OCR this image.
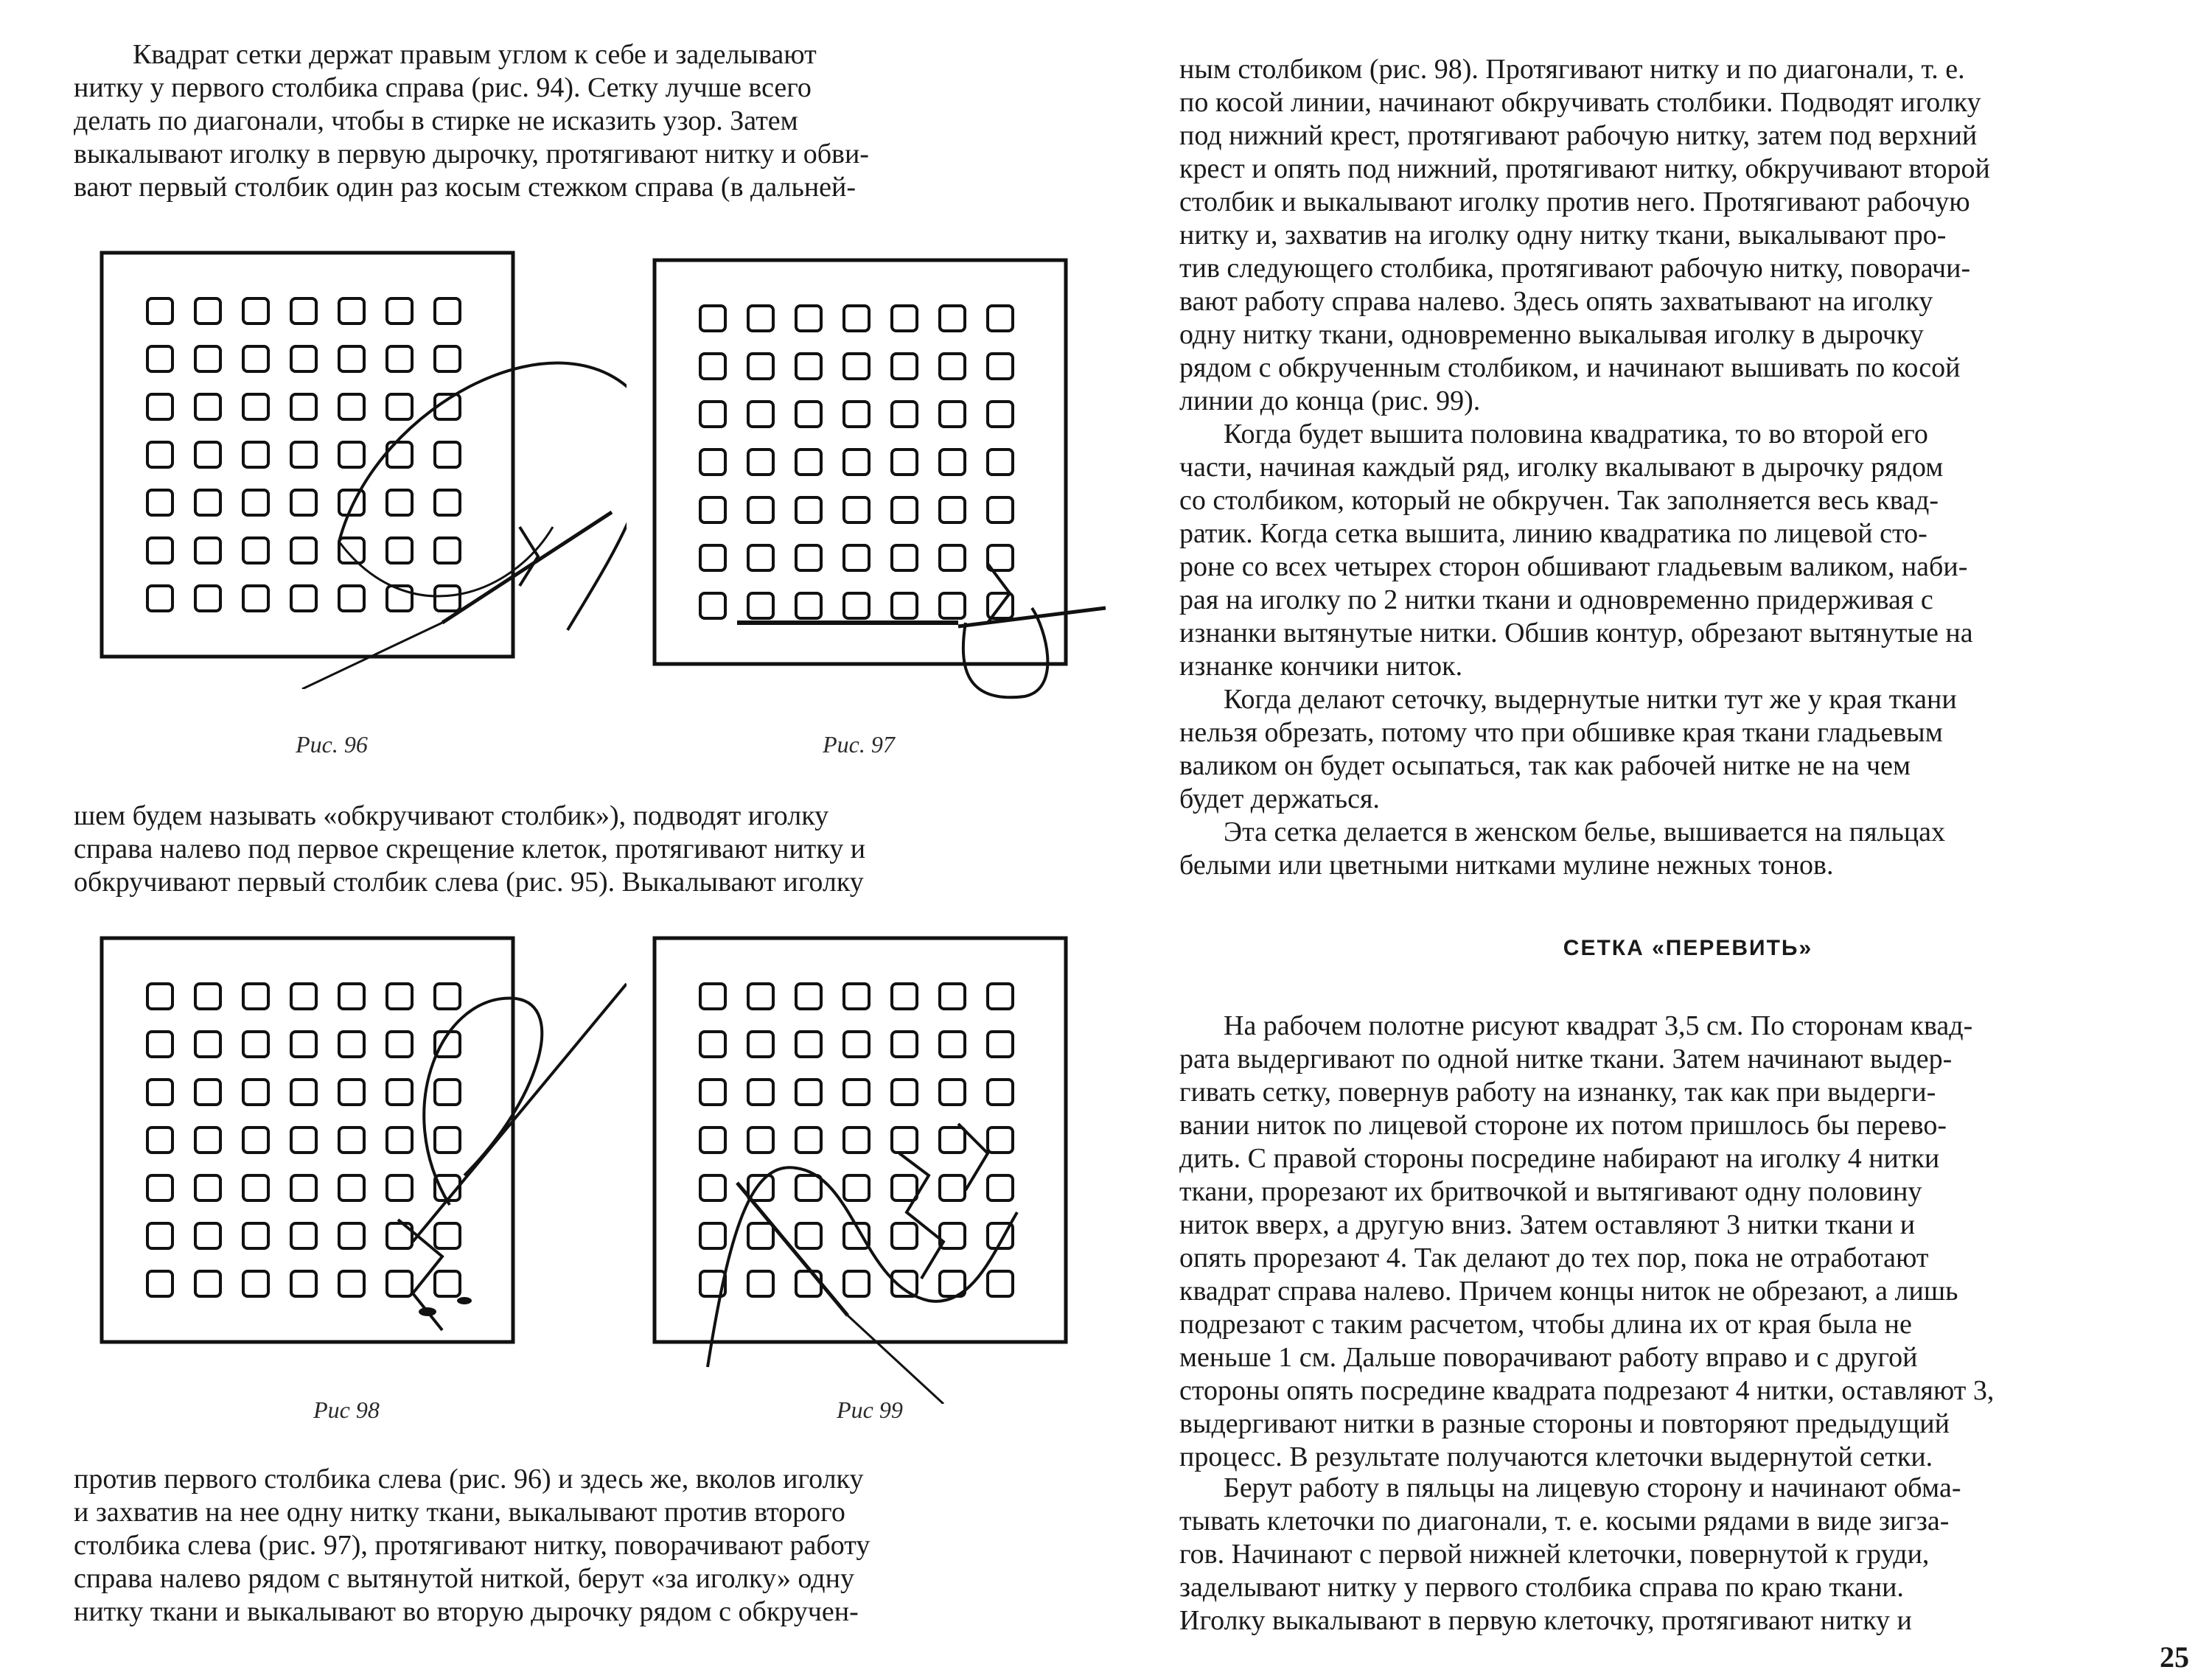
Квадрат сетки держат правым углом к себе и заделывают
нитку у первого столбика справа (рис. 94). Сетку лучше всего
делать по диагонали, чтобы в стирке не исказить узор. Затем
выкалывают иголку в первую дырочку, протягивают нитку и обви-
вают первый столбик один раз косым стежком справа (в дальней-
Рис. 96	Рис. 97
шем будем называть «обкручивают столбик»), подводят иголку
справа налево под первое скрещение клеток, протягивают нитку и
обкручивают первый столбик слева (рис. 95). Выкалывают иголку
Рис 98	Рис 99
против первого столбика слева (рис. 96) и здесь же, вколов иголку
и захватив на нее одну нитку ткани, выкалывают против второго
столбика слева (рис. 97), протягивают нитку, поворачивают работу
справа налево рядом с вытянутой ниткой, берут «за иголку» одну
нитку ткани и выкалывают во вторую дырочку рядом с обкручен-
ным столбиком (рис. 98). Протягивают нитку и по диагонали, т. е.
по косой линии, начинают обкручивать столбики. Подводят иголку
под нижний крест, протягивают рабочую нитку, затем под верхний
крест и опять под нижний, протягивают нитку, обкручивают второй
столбик и выкалывают иголку против него. Протягивают рабочую
нитку и, захватив на иголку одну нитку ткани, выкалывают про-
тив следующего столбика, протягивают рабочую нитку, поворачи-
вают работу справа налево. Здесь опять захватывают на иголку
одну нитку ткани, одновременно выкалывая иголку в дырочку
рядом с обкрученным столбиком, и начинают вышивать по косой
линии до конца (рис. 99).
Когда будет вышита половина квадратика, то во второй его
части, начиная каждый ряд, иголку вкалывают в дырочку рядом
со столбиком, который не обкручен. Так заполняется весь квад-
ратик. Когда сетка вышита, линию квадратика по лицевой сто-
роне со всех четырех сторон обшивают гладьевым валиком, наби-
рая на иголку по 2 нитки ткани и одновременно придерживая с
изнанки вытянутые нитки. Обшив контур, обрезают вытянутые на
изнанке кончики ниток.
Когда делают сеточку, выдернутые нитки тут же у края ткани
нельзя обрезать, потому что при обшивке края ткани гладьевым
валиком он будет осыпаться, так как рабочей нитке не на чем
будет держаться.
Эта сетка делается в женском белье, вышивается на пяльцах
белыми или цветными нитками мулине нежных тонов.
СЕТКА «ПЕРЕВИТЬ»
На рабочем полотне рисуют квадрат 3,5 см. По сторонам квад-
рата выдергивают по одной нитке ткани. Затем начинают выдер-
гивать сетку, повернув работу на изнанку, так как при выдерги-
вании ниток по лицевой стороне их потом пришлось бы перево-
дить. С правой стороны посредине набирают на иголку 4 нитки
ткани, прорезают их бритвочкой и вытягивают одну половину
ниток вверх, а другую вниз. Затем оставляют 3 нитки ткани и
опять прорезают 4. Так делают до тех пор, пока не отработают
квадрат справа налево. Причем концы ниток не обрезают, а лишь
подрезают с таким расчетом, чтобы длина их от края была не
меньше 1 см. Дальше поворачивают работу вправо и с другой
стороны опять посредине квадрата подрезают 4 нитки, оставляют 3,
выдергивают нитки в разные стороны и повторяют предыдущий
процесс. В результате получаются клеточки выдернутой сетки.
Берут работу в пяльцы на лицевую сторону и начинают обма-
тывать клеточки по диагонали, т. е. косыми рядами в виде зигза-
гов. Начинают с первой нижней клеточки, повернутой к груди,
заделывают нитку у первого столбика справа по краю ткани.
Иголку выкалывают в первую клеточку, протягивают нитку и
25
